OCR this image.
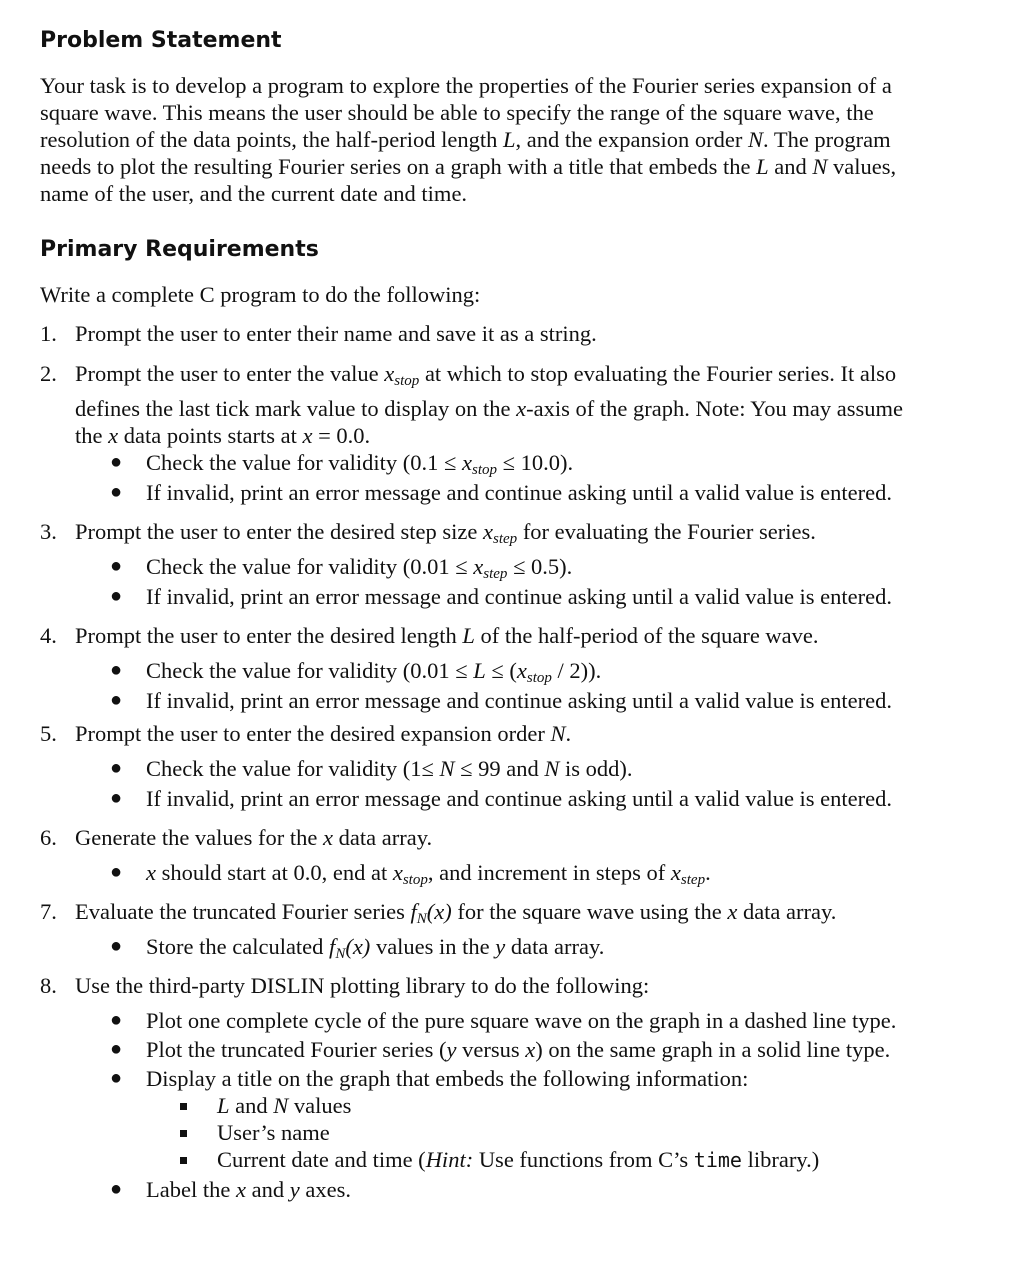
Problem Statement
Your task is to develop a program to explore the properties of the Fourier series expansion of a
square wave. This means the user should be able to specify the range of the square wave, the
resolution of the data points, the half-period length L, and the expansion order N. The program
needs to plot the resulting Fourier series on a graph with a title that embeds the L and N values,
name of the user, and the current date and time.
Primary Requirements
Write a complete C program to do the following:
1. Prompt the user to enter their name and save it as a string.
2. Prompt the user to enter the value $x_{stop}$ at which to stop evaluating the Fourier series. It also
defines the last tick mark value to display on the x-axis of the graph. Note: You may assume
the x data points starts at x = 0.0.
● Check the value for validity $(0.1 \le x_{stop} \le 10.0)$.
● If invalid, print an error message and continue asking until a valid value is entered.
3. Prompt the user to enter the desired step size $x_{step}$ for evaluating the Fourier series.
● Check the value for validity $(0.01 \le x_{step} \le 0.5)$.
● If invalid, print an error message and continue asking until a valid value is entered.
4. Prompt the user to enter the desired length L of the half-period of the square wave.
● Check the value for validity $(0.01 \le L \le (x_{stop} / 2))$.
● If invalid, print an error message and continue asking until a valid value is entered.
5. Prompt the user to enter the desired expansion order N.
● Check the value for validity (1≤ N ≤ 99 and N is odd).
● If invalid, print an error message and continue asking until a valid value is entered.
6. Generate the values for the x data array.
● x should start at 0.0, end at $x_{stop}$, and increment in steps of $x_{step}$.
7. Evaluate the truncated Fourier series $f_N(x)$ for the square wave using the x data array.
● Store the calculated $f_N(x)$ values in the y data array.
8. Use the third-party DISLIN plotting library to do the following:
● Plot one complete cycle of the pure square wave on the graph in a dashed line type.
● Plot the truncated Fourier series (y versus x) on the same graph in a solid line type.
● Display a title on the graph that embeds the following information:
L and N values
User’s name
Current date and time (Hint: Use functions from C’s time library.)
● Label the x and y axes.
